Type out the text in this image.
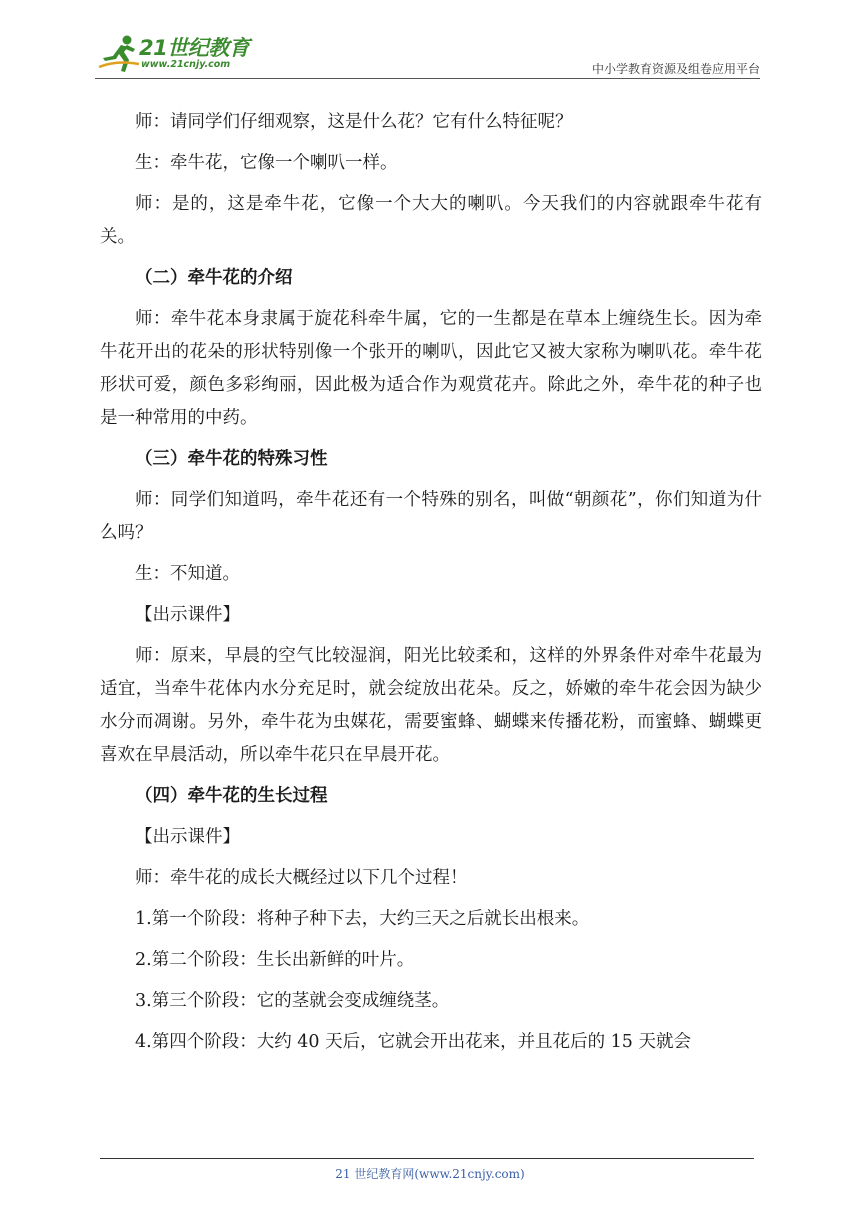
21世纪教育
www.21cnjy.com	中小学教育资源及组卷应用平台

师：请同学们仔细观察，这是什么花？它有什么特征呢？

生：牵牛花，它像一个喇叭一样。

师：是的，这是牵牛花，它像一个大大的喇叭。今天我们的内容就跟牵牛花有关。

（二）牵牛花的介绍

师：牵牛花本身隶属于旋花科牵牛属，它的一生都是在草本上缠绕生长。因为牵牛花开出的花朵的形状特别像一个张开的喇叭，因此它又被大家称为喇叭花。牵牛花形状可爱，颜色多彩绚丽，因此极为适合作为观赏花卉。除此之外，牵牛花的种子也是一种常用的中药。

（三）牵牛花的特殊习性

师：同学们知道吗，牵牛花还有一个特殊的别名，叫做“朝颜花”，你们知道为什么吗？

生：不知道。

【出示课件】

师：原来，早晨的空气比较湿润，阳光比较柔和，这样的外界条件对牵牛花最为适宜，当牵牛花体内水分充足时，就会绽放出花朵。反之，娇嫩的牵牛花会因为缺少水分而凋谢。另外，牵牛花为虫媒花，需要蜜蜂、蝴蝶来传播花粉，而蜜蜂、蝴蝶更喜欢在早晨活动，所以牵牛花只在早晨开花。

（四）牵牛花的生长过程

【出示课件】

师：牵牛花的成长大概经过以下几个过程！

1.第一个阶段：将种子种下去，大约三天之后就长出根来。

2.第二个阶段：生长出新鲜的叶片。

3.第三个阶段：它的茎就会变成缠绕茎。

4.第四个阶段：大约 40 天后，它就会开出花来，并且花后的 15 天就会

21 世纪教育网(www.21cnjy.com)
